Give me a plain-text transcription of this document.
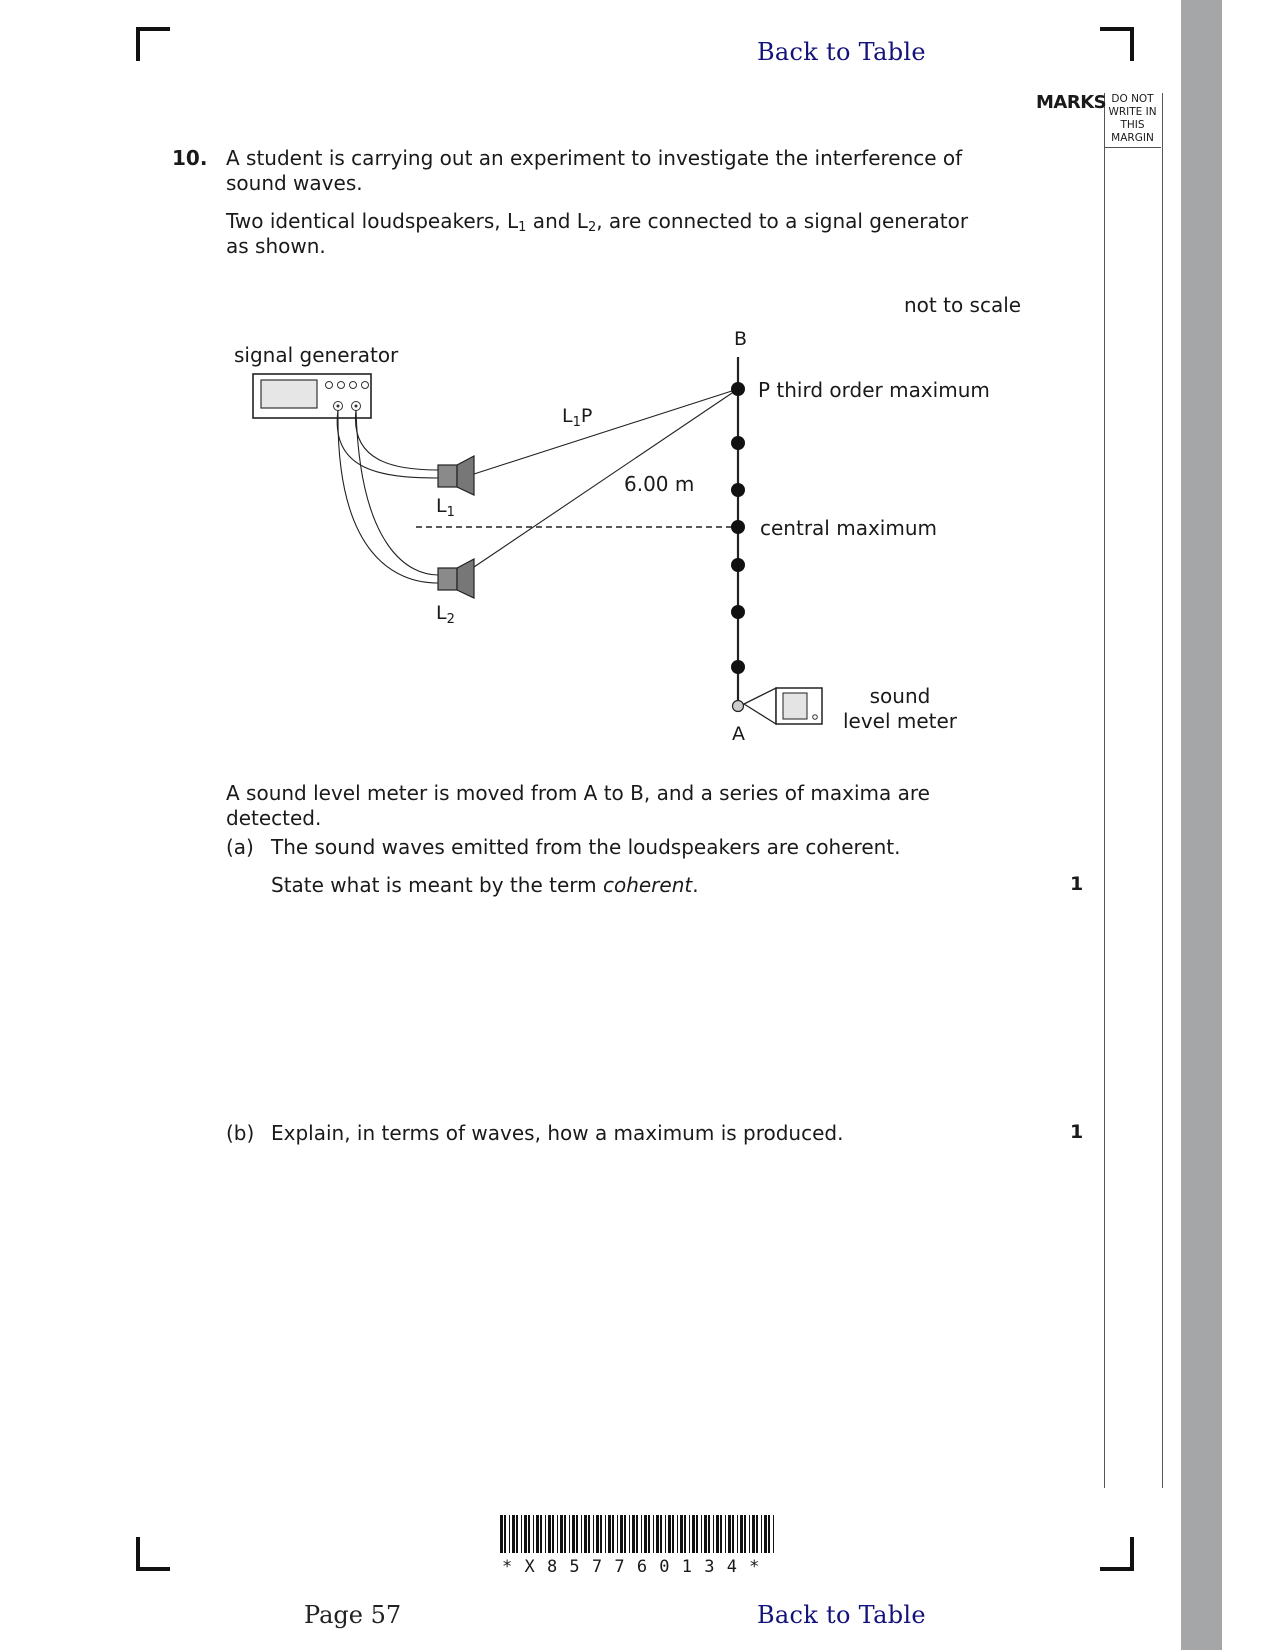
DO NOT
WRITE IN
THIS
MARGIN
MARKS
Back to Table
10. A student is carrying out an experiment to investigate the interference of sound waves.
Two identical loudspeakers, $L_1$ and $L_2$, are connected to a signal generator as shown.
not to scale
signal generator
B
A
P third order maximum
central maximum
$L_1P$
6.00 m
$L_1$
$L_2$
sound
level meter
A sound level meter is moved from A to B, and a series of maxima are detected.
(a) The sound waves emitted from the loudspeakers are coherent.
State what is meant by the term coherent.	1
(b) Explain, in terms of waves, how a maximum is produced.	1
* X 8 5 7 7 6 0 1 3 4 *
Page 57	Back to Table
